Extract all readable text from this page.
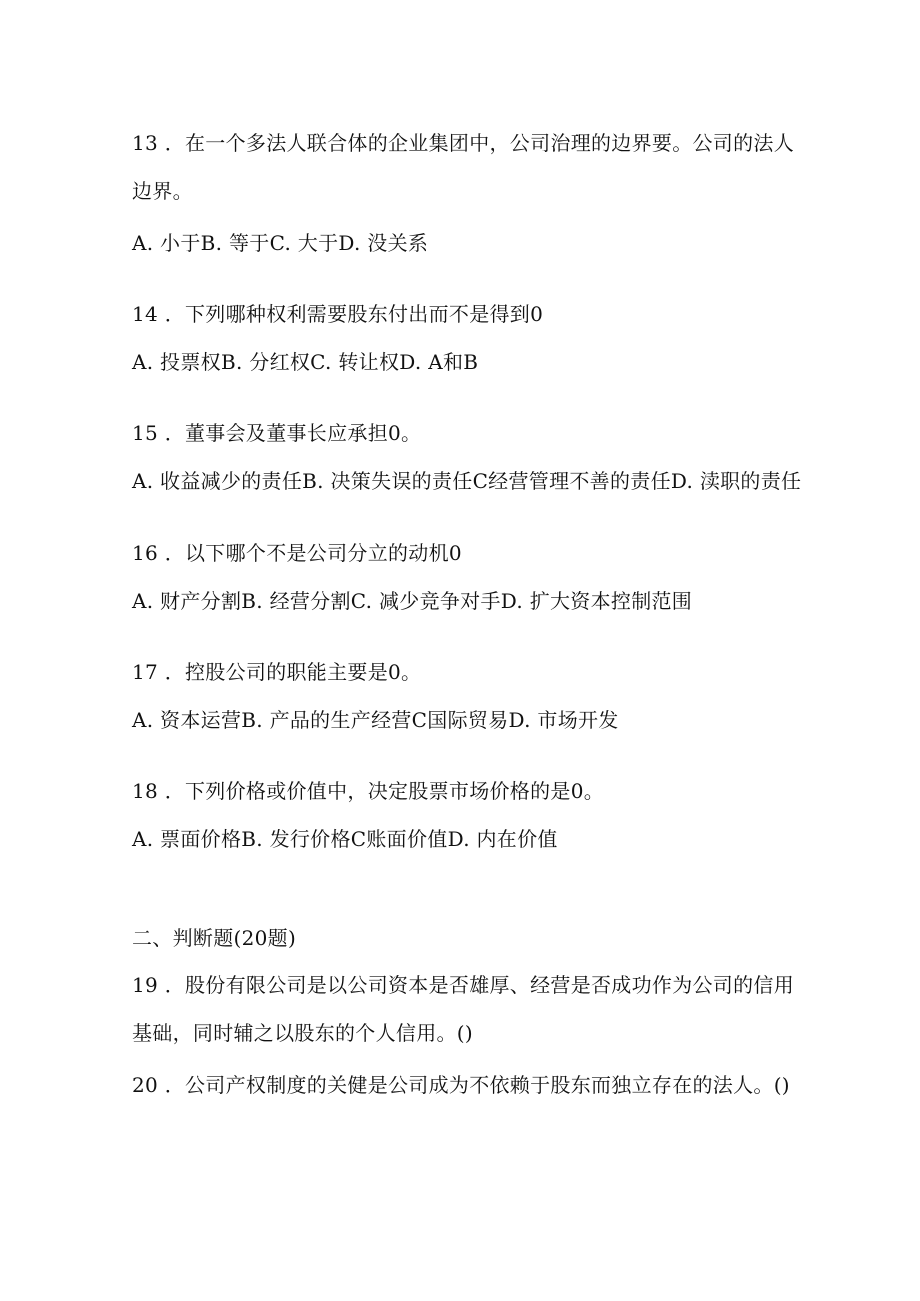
13 ．在一个多法人联合体的企业集团中，公司治理的边界要。公司的法人
边界。
A. 小于B. 等于C. 大于D. 没关系
14 ．下列哪种权利需要股东付出而不是得到0
A. 投票权B. 分红权C. 转让权D. A和B
15 ．董事会及董事长应承担0。
A. 收益减少的责任B. 决策失误的责任C经营管理不善的责任D. 渎职的责任
16 ．以下哪个不是公司分立的动机0
A. 财产分割B. 经营分割C. 减少竞争对手D. 扩大资本控制范围
17 ．控股公司的职能主要是0。
A. 资本运营B. 产品的生产经营C国际贸易D. 市场开发
18 ．下列价格或价值中，决定股票市场价格的是0。
A. 票面价格B. 发行价格C账面价值D. 内在价值
二、判断题(20题)
19 ．股份有限公司是以公司资本是否雄厚、经营是否成功作为公司的信用
基础，同时辅之以股东的个人信用。()
20 ．公司产权制度的关健是公司成为不依赖于股东而独立存在的法人。()
